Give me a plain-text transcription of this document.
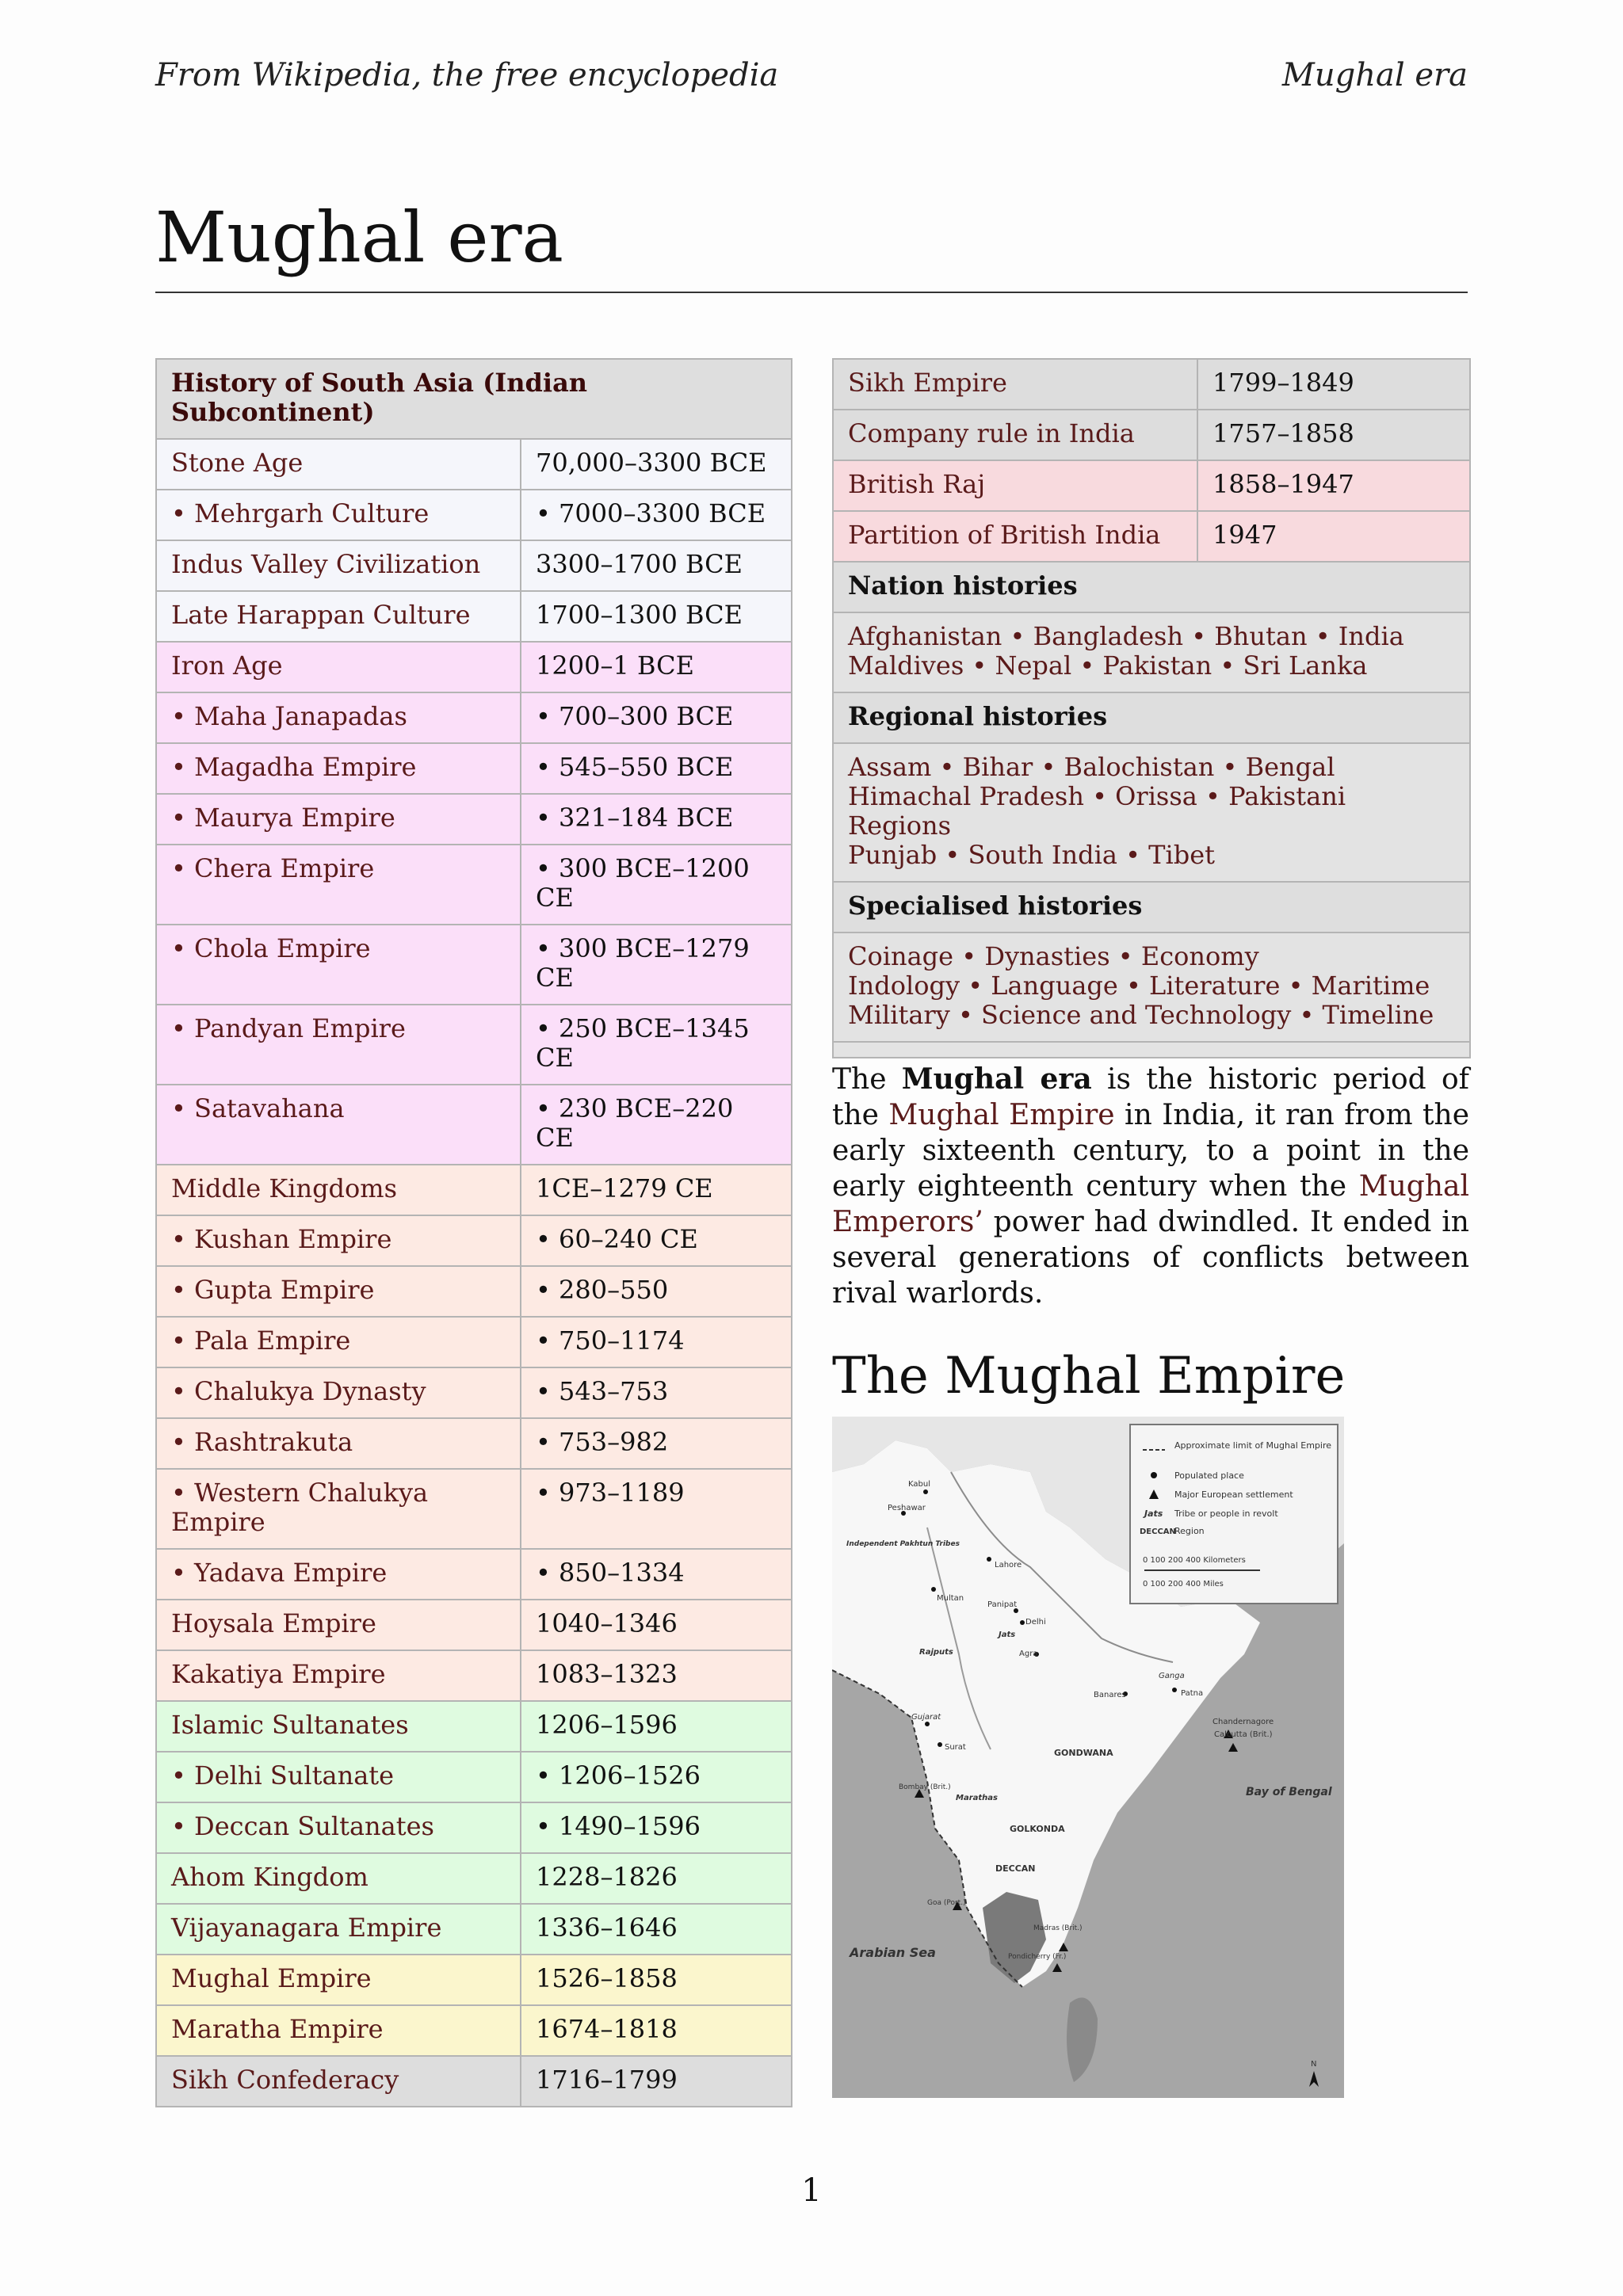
From Wikipedia, the free encyclopedia	Mughal era
Mughal era
History of South Asia (Indian Subcontinent)	
Stone Age	70,000–3300 BCE
• Mehrgarh Culture	• 7000–3300 BCE
Indus Valley Civilization	3300–1700 BCE
Late Harappan Culture	1700–1300 BCE
Iron Age	1200–1 BCE
• Maha Janapadas	• 700–300 BCE
• Magadha Empire	• 545–550 BCE
• Maurya Empire	• 321–184 BCE
• Chera Empire	• 300 BCE–1200 CE
• Chola Empire	• 300 BCE–1279 CE
• Pandyan Empire	• 250 BCE–1345 CE
• Satavahana	• 230 BCE–220 CE
Middle Kingdoms	1CE–1279 CE
• Kushan Empire	• 60–240 CE
• Gupta Empire	• 280–550
• Pala Empire	• 750–1174
• Chalukya Dynasty	• 543–753
• Rashtrakuta	• 753–982
• Western Chalukya Empire	• 973–1189
• Yadava Empire	• 850–1334
Hoysala Empire	1040–1346
Kakatiya Empire	1083–1323
Islamic Sultanates	1206–1596
• Delhi Sultanate	• 1206–1526
• Deccan Sultanates	• 1490–1596
Ahom Kingdom	1228–1826
Vijayanagara Empire	1336–1646
Mughal Empire	1526–1858
Maratha Empire	1674–1818
Sikh Confederacy	1716–1799
Sikh Empire	1799–1849
Company rule in India	1757–1858
British Raj	1858–1947
Partition of British India	1947
Nation histories	

Afghanistan • Bangladesh • Bhutan • India
Maldives • Nepal • Pakistan • Sri Lanka	

Regional histories	

Assam • Bihar • Balochistan • Bengal
Himachal Pradesh • Orissa • Pakistani Regions
Punjab • South India • Tibet	

Specialised histories	

Coinage • Dynasties • Economy
Indology • Language • Literature • Maritime
Military • Science and Technology • Timeline	

The Mughal era is the historic period of the Mughal Empire in India, it ran from the early sixteenth century, to a point in the early eighteenth century when the Mughal Emperors’ power had dwindled. It ended in several generations of conflicts between rival warlords.

The Mughal Empire
Approximate limit of Mughal Empire
Populated place
Major European settlement
Jats Tribe or people in revolt
DECCAN
Region
0 100 200 400 Kilometers
0 100 200 400 Miles
Kabul
Peshawar
Independent Pakhtun Tribes
Lahore
Multan
Panipat
Delhi
Jats
Rajputs	Agra
Ganga
Banares	Patna
Gujarat
Surat
Chandernagore
Calcutta (Brit.)
GONDWANA
Bombay (Brit.)
Marathas
GOLKONDA
DECCAN
Goa (Port.)
Madras (Brit.)
Pondicherry (Fr.)
Bay of Bengal
Arabian Sea
N
1
